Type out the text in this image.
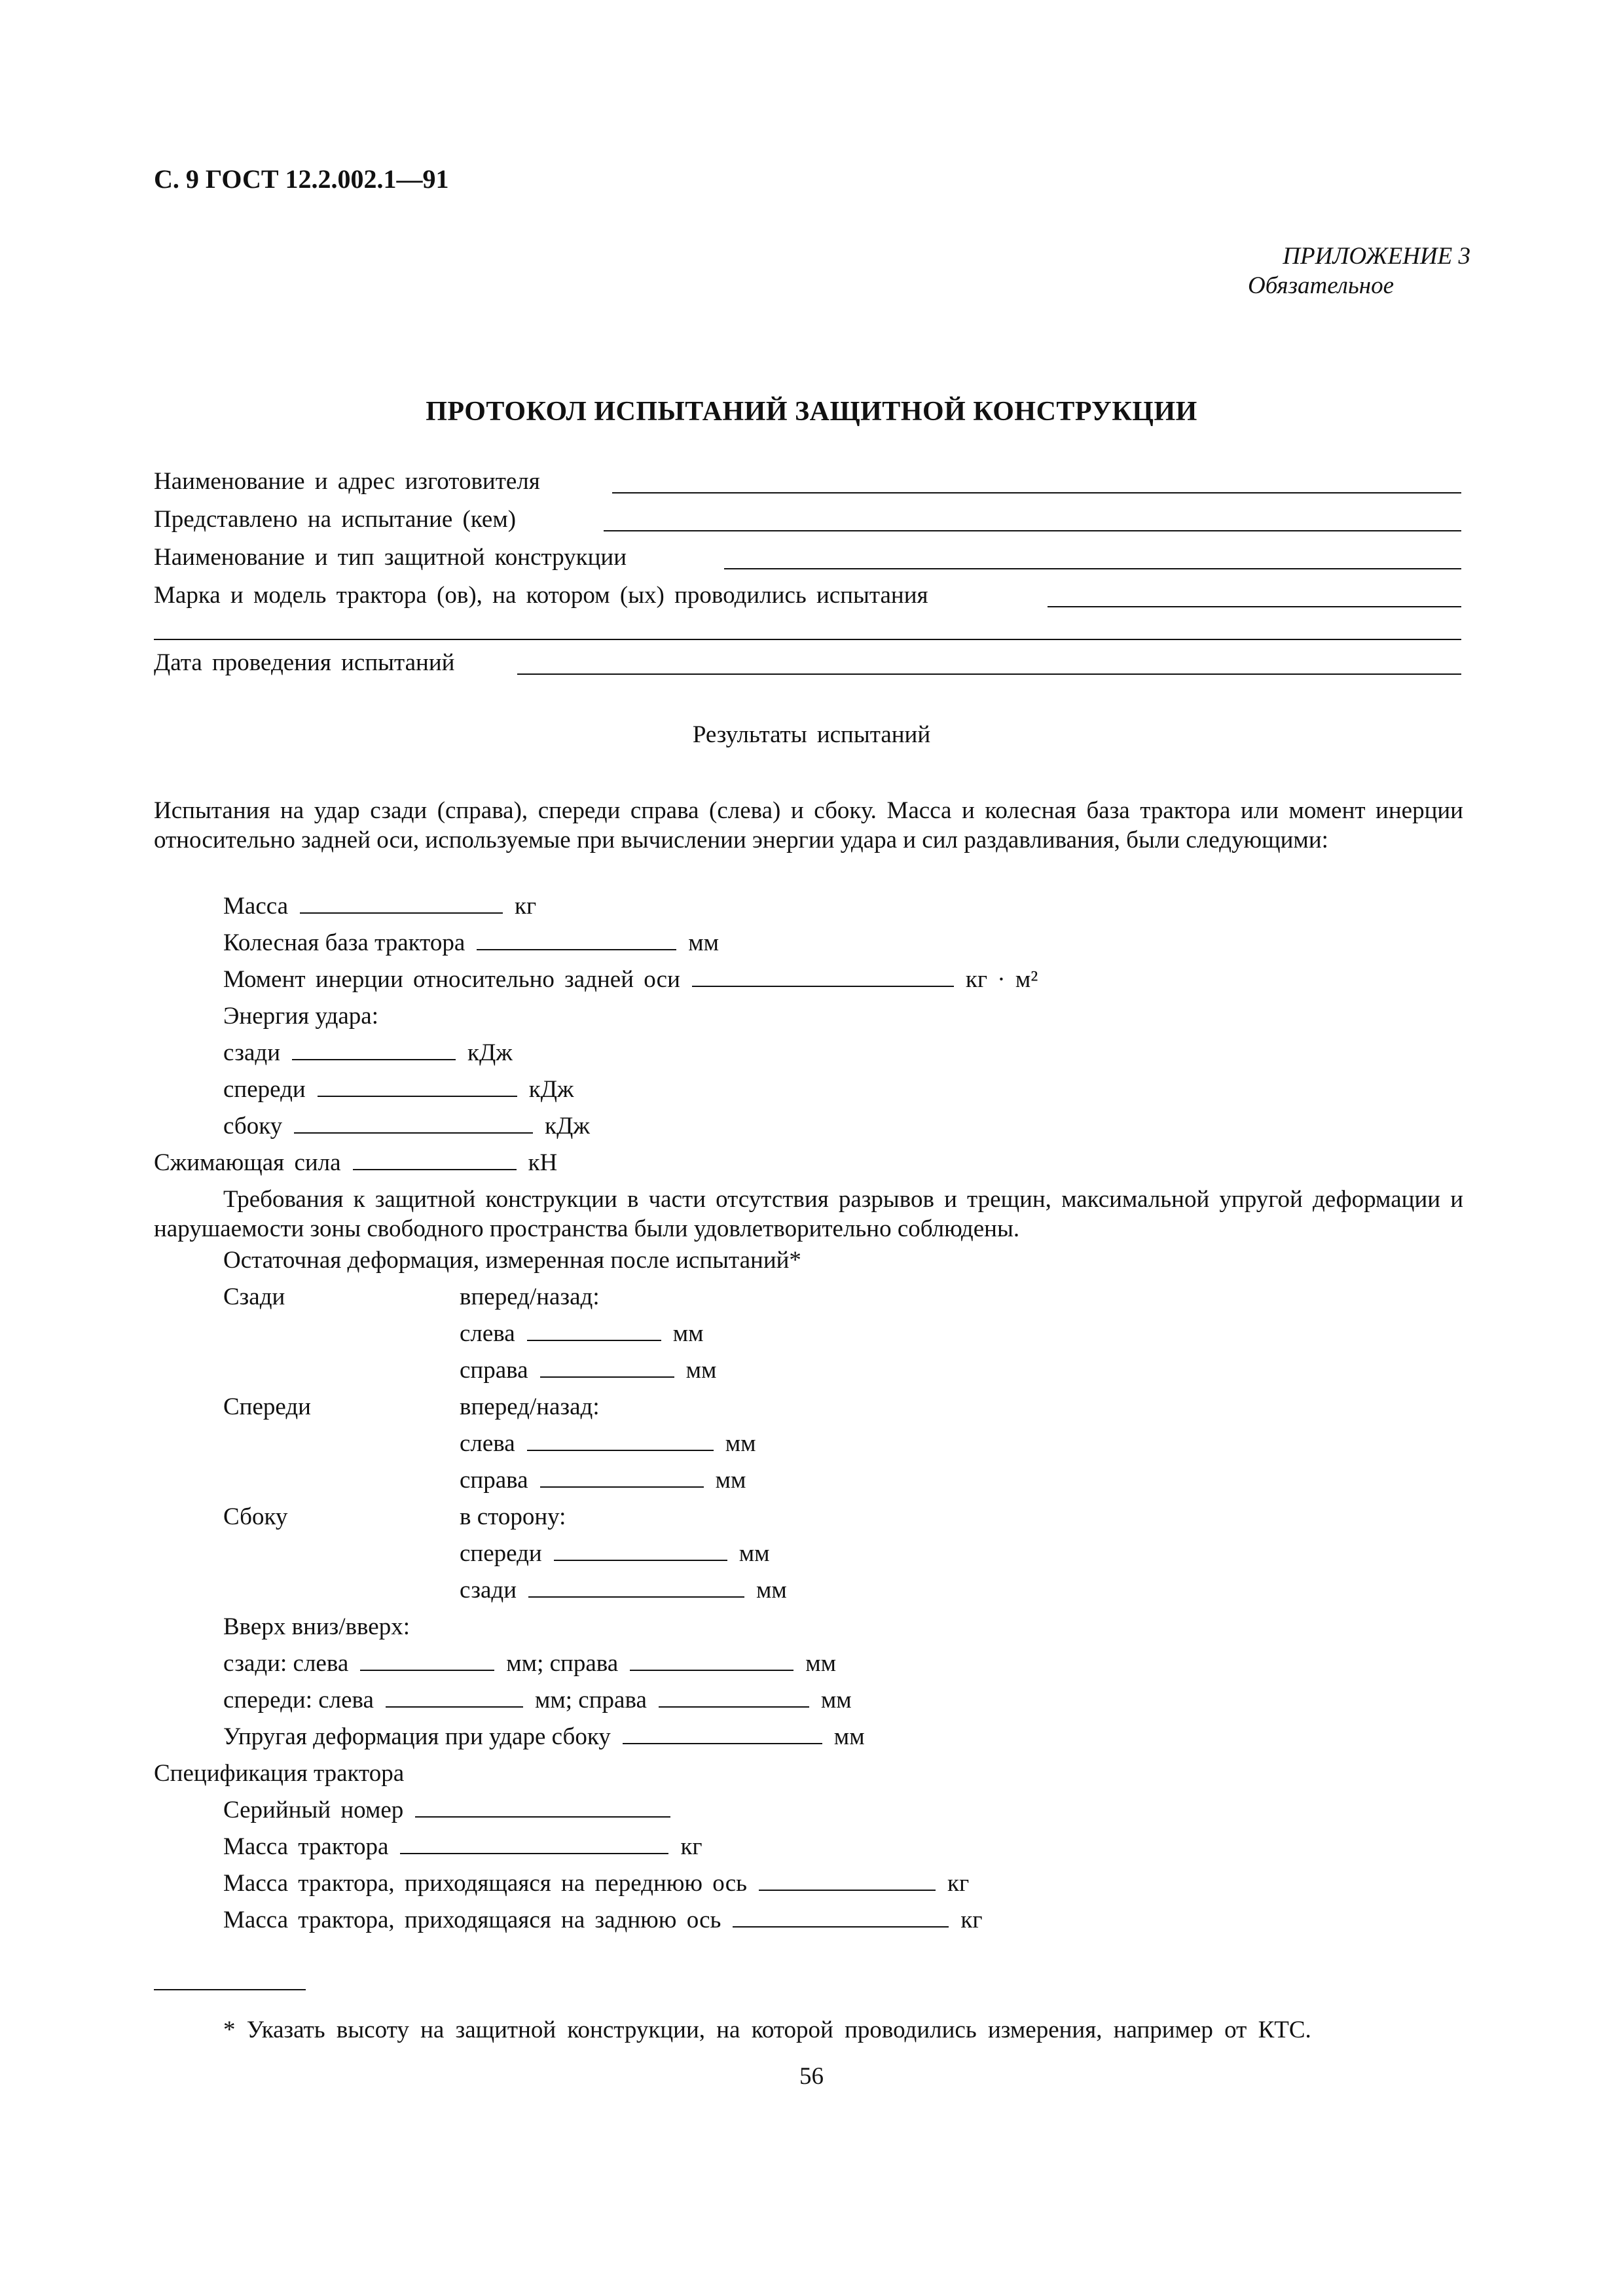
С. 9 ГОСТ 12.2.002.1—91
ПРИЛОЖЕНИЕ 3
Обязательное
ПРОТОКОЛ ИСПЫТАНИЙ ЗАЩИТНОЙ КОНСТРУКЦИИ
Наименование и адрес изготовителя
Представлено на испытание (кем)
Наименование и тип защитной конструкции
Марка и модель трактора (ов), на котором (ых) проводились испытания
Дата проведения испытаний
Результаты испытаний
Испытания на удар сзади (справа), спереди справа (слева) и сбоку. Масса и колесная база трактора или момент инерции относительно задней оси, используемые при вычислении энергии удара и сил раздавливания, были следующими:
Масса	кг
Колесная база трактора	мм
Момент инерции относительно задней оси	кг · м²
Энергия удара:
сзади	кДж
спереди	кДж
сбоку	кДж
Сжимающая сила	кН
Требования к защитной конструкции в части отсутствия разрывов и трещин, максимальной упругой деформации и нарушаемости зоны свободного пространства были удовлетворительно соблюдены.
Остаточная деформация, измеренная после испытаний*
Сзади	вперед/назад:
слева	мм
справа	мм
Спереди	вперед/назад:
слева	мм
справа	мм
Сбоку	в сторону:
спереди	мм
сзади	мм
Вверх вниз/вверх:
сзади: слева	мм; справа	мм
спереди: слева	мм; справа	мм
Упругая деформация при ударе сбоку	мм
Спецификация трактора
Серийный номер
Масса трактора	кг
Масса трактора, приходящаяся на переднюю ось	кг
Масса трактора, приходящаяся на заднюю ось	кг
* Указать высоту на защитной конструкции, на которой проводились измерения, например от КТС.
56
